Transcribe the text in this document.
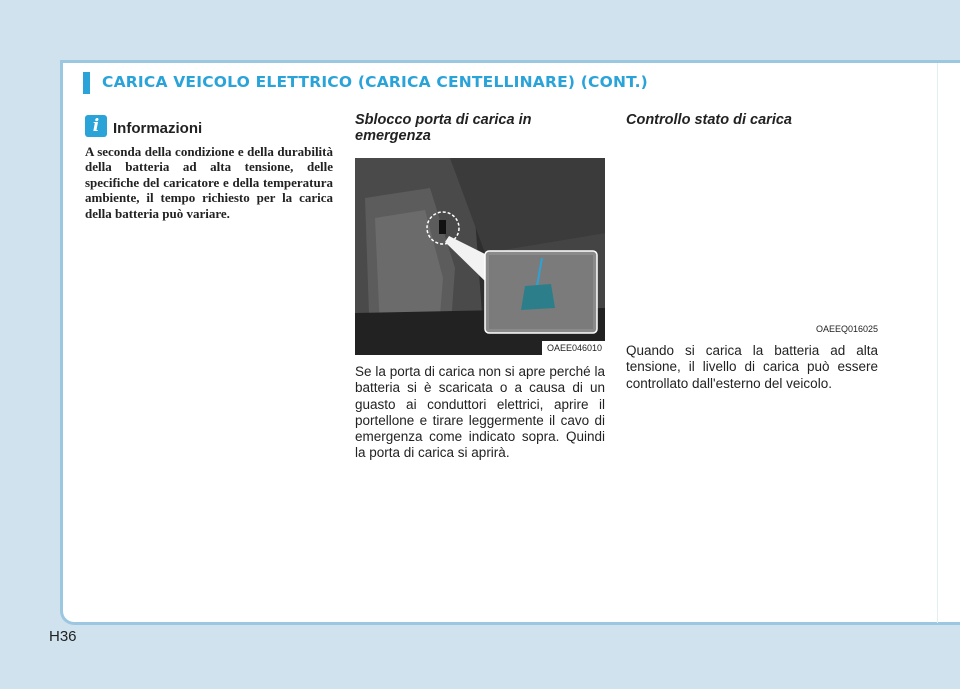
CARICA VEICOLO ELETTRICO (CARICA CENTELLINARE) (CONT.)
i Informazioni
A seconda della condizione e della durabilità della batteria ad alta tensione, delle specifiche del caricatore e della temperatura ambiente, il tempo richiesto per la carica della batteria può variare.
Sblocco porta di carica in emergenza
OAEE046010
Se la porta di carica non si apre perché la batteria si è scaricata o a causa di un guasto ai conduttori elettrici, aprire il portellone e tirare leggermente il cavo di emergenza come indicato sopra. Quindi la porta di carica si aprirà.
Controllo stato di carica
OAEEQ016025
Quando si carica la batteria ad alta tensione, il livello di carica può essere controllato dall'esterno del veicolo.
H36
